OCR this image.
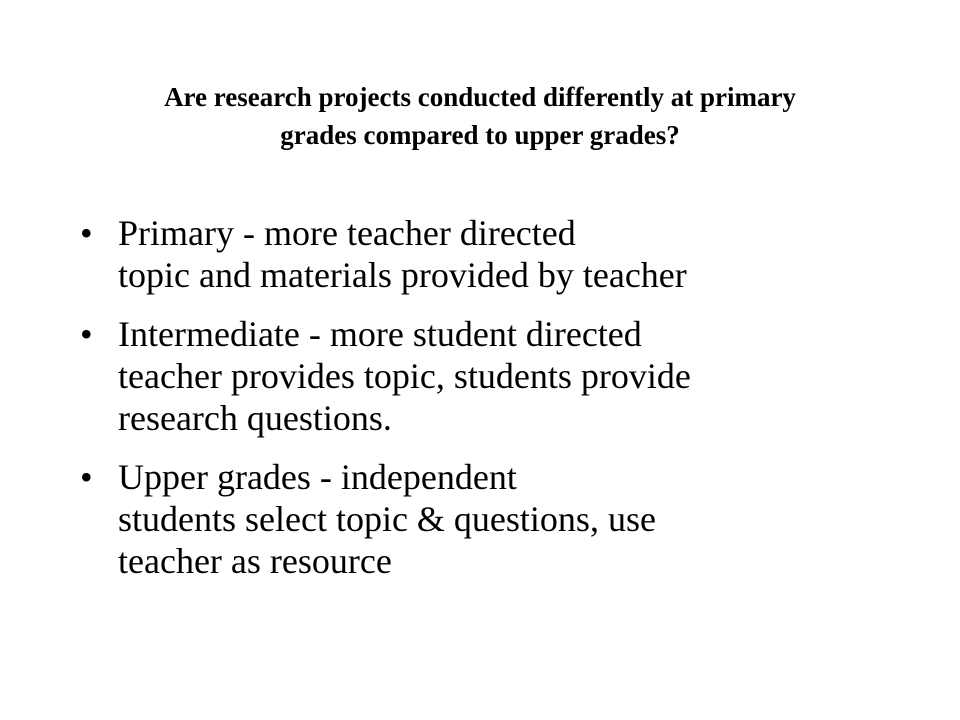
Are research projects conducted differently at primary
grades compared to upper grades?
• Primary - more teacher directed
topic and materials provided by teacher
• Intermediate - more student directed
teacher provides topic, students provide
research questions.
• Upper grades - independent
students select topic & questions, use
teacher as resource
